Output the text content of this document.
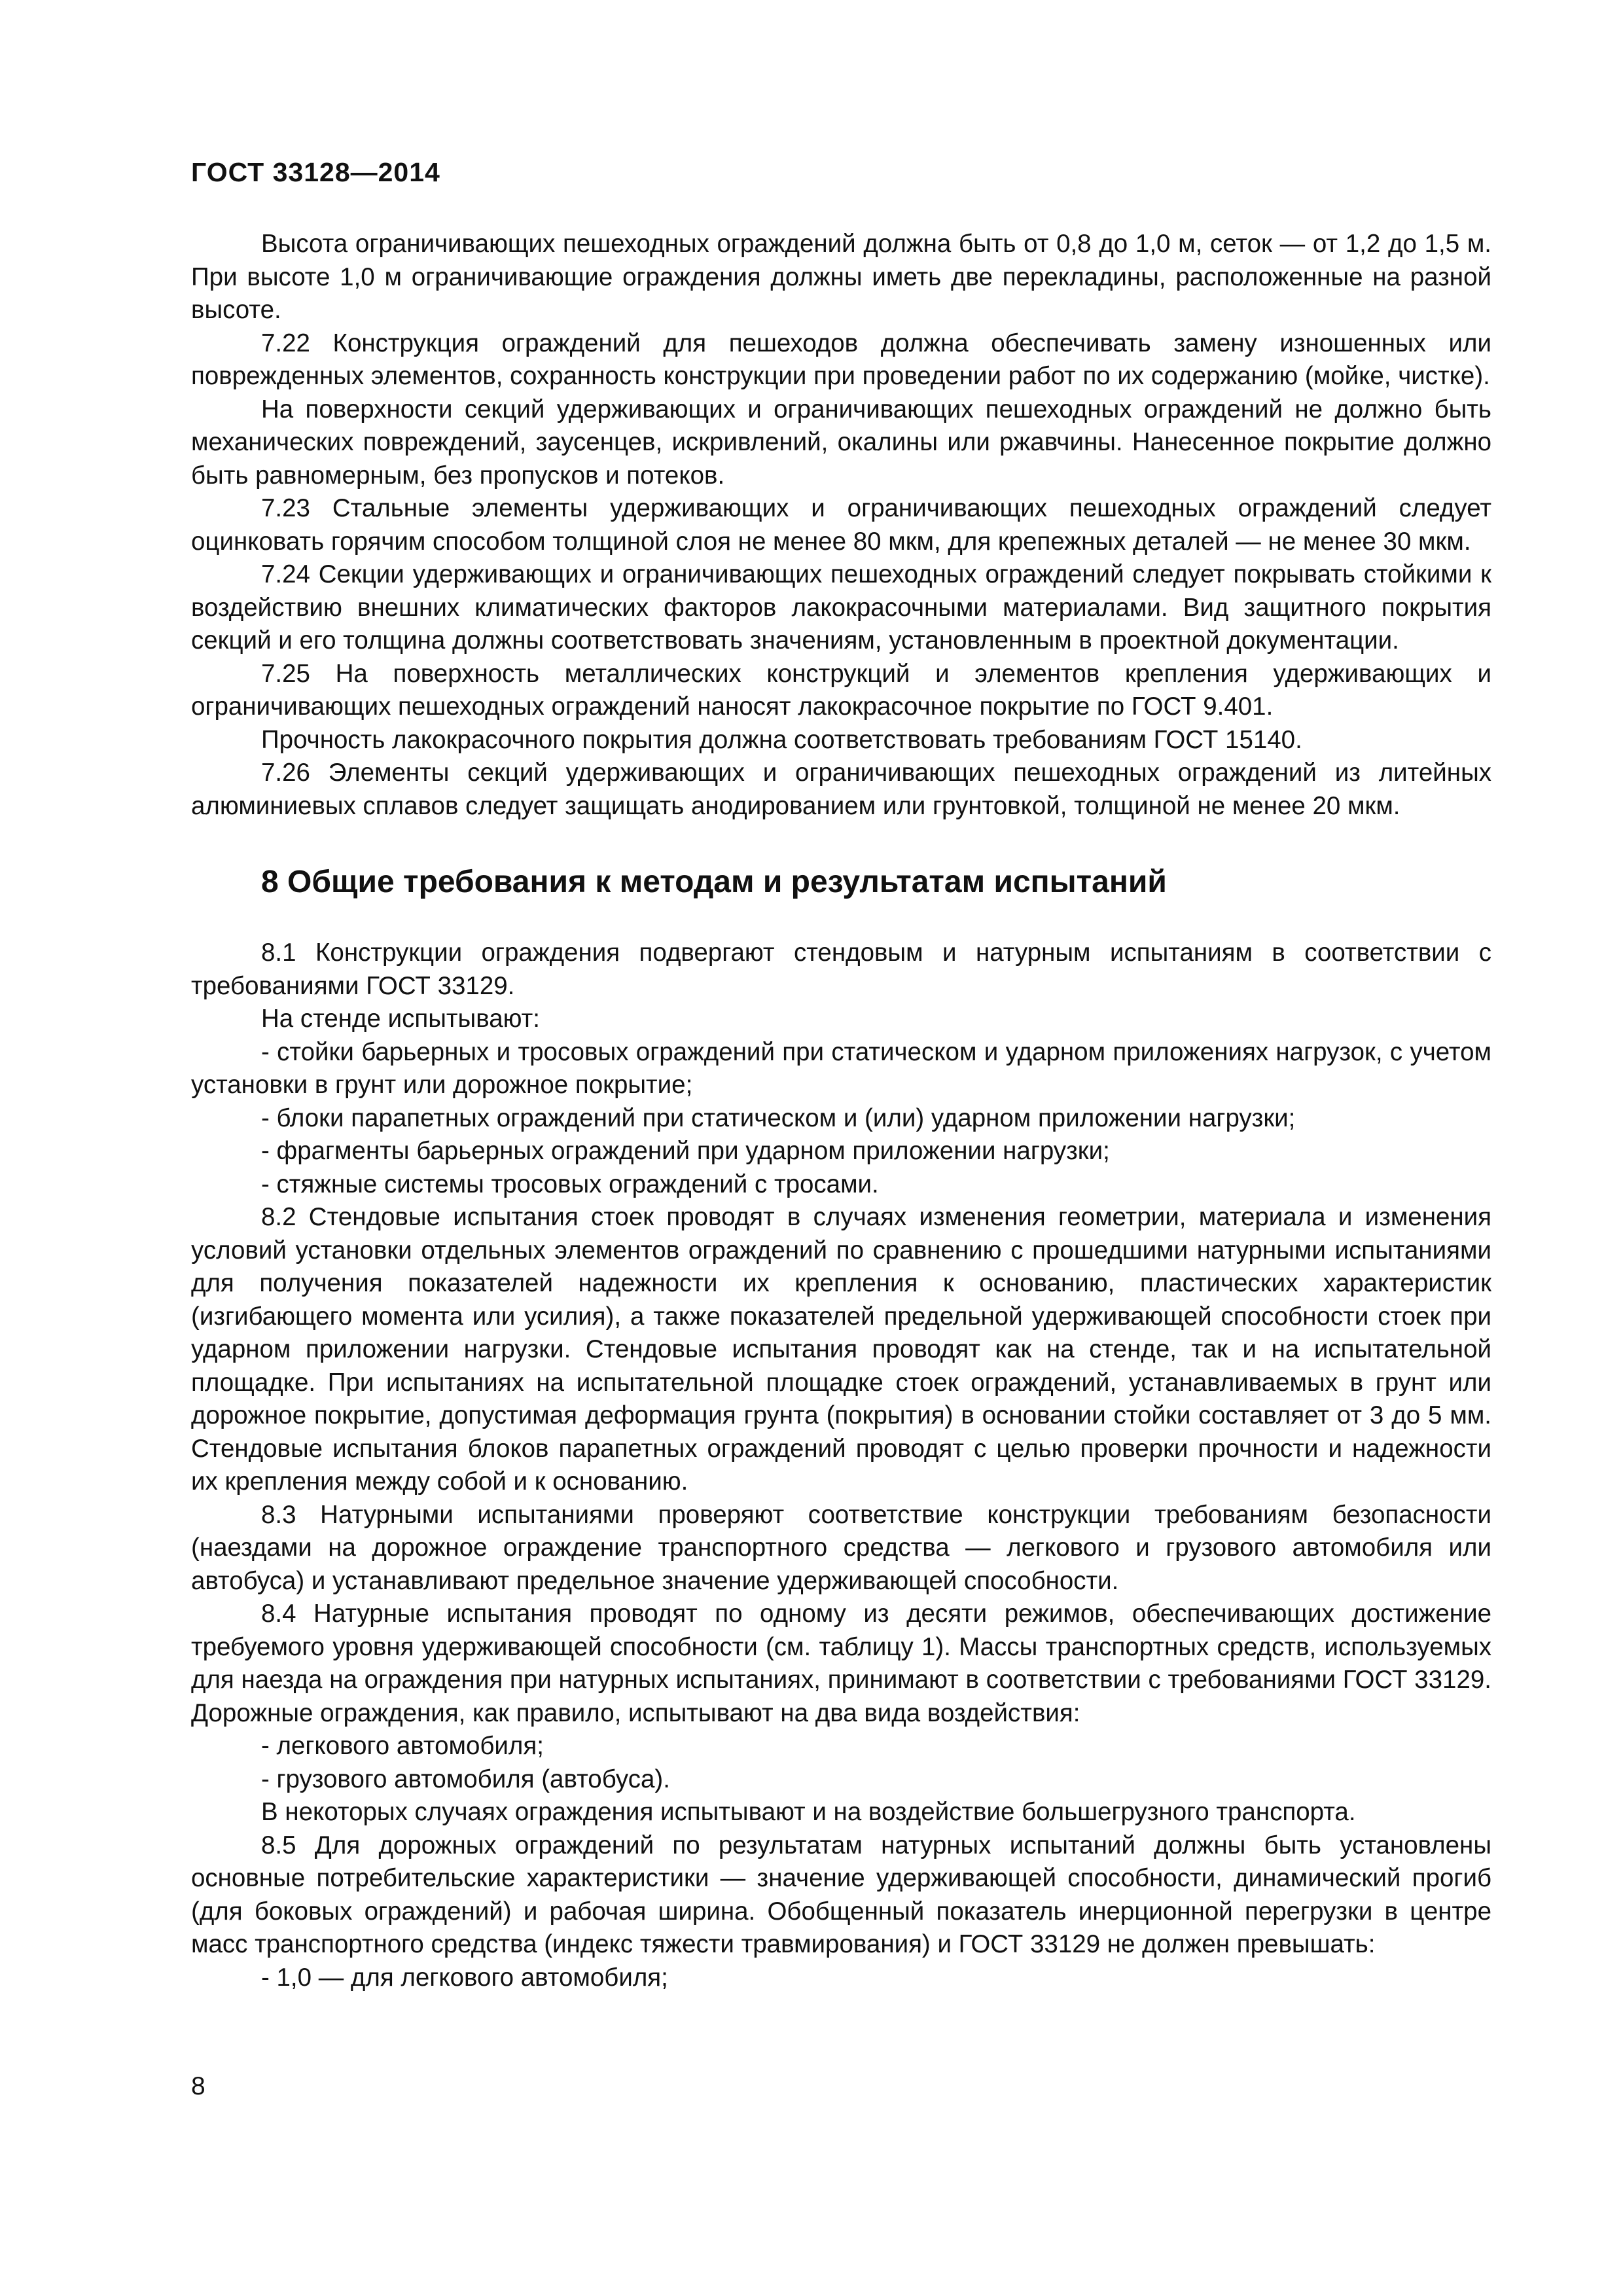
ГОСТ 33128—2014

Высота ограничивающих пешеходных ограждений должна быть от 0,8 до 1,0 м, сеток — от 1,2 до 1,5 м. При высоте 1,0 м ограничивающие ограждения должны иметь две перекладины, расположенные на разной высоте.

7.22 Конструкция ограждений для пешеходов должна обеспечивать замену изношенных или поврежденных элементов, сохранность конструкции при проведении работ по их содержанию (мойке, чистке).

На поверхности секций удерживающих и ограничивающих пешеходных ограждений не должно быть механических повреждений, заусенцев, искривлений, окалины или ржавчины. Нанесенное покрытие должно быть равномерным, без пропусков и потеков.

7.23 Стальные элементы удерживающих и ограничивающих пешеходных ограждений следует оцинковать горячим способом толщиной слоя не менее 80 мкм, для крепежных деталей — не менее 30 мкм.

7.24 Секции удерживающих и ограничивающих пешеходных ограждений следует покрывать стойкими к воздействию внешних климатических факторов лакокрасочными материалами. Вид защитного покрытия секций и его толщина должны соответствовать значениям, установленным в проектной документации.

7.25 На поверхность металлических конструкций и элементов крепления удерживающих и ограничивающих пешеходных ограждений наносят лакокрасочное покрытие по ГОСТ 9.401.

Прочность лакокрасочного покрытия должна соответствовать требованиям ГОСТ 15140.

7.26 Элементы секций удерживающих и ограничивающих пешеходных ограждений из литейных алюминиевых сплавов следует защищать анодированием или грунтовкой, толщиной не менее 20 мкм.

8 Общие требования к методам и результатам испытаний

8.1 Конструкции ограждения подвергают стендовым и натурным испытаниям в соответствии с требованиями ГОСТ 33129.

На стенде испытывают:

- стойки барьерных и тросовых ограждений при статическом и ударном приложениях нагрузок, с учетом установки в грунт или дорожное покрытие;

- блоки парапетных ограждений при статическом и (или) ударном приложении нагрузки;

- фрагменты барьерных ограждений при ударном приложении нагрузки;

- стяжные системы тросовых ограждений с тросами.

8.2 Стендовые испытания стоек проводят в случаях изменения геометрии, материала и изменения условий установки отдельных элементов ограждений по сравнению с прошедшими натурными испытаниями для получения показателей надежности их крепления к основанию, пластических характеристик (изгибающего момента или усилия), а также показателей предельной удерживающей способности стоек при ударном приложении нагрузки. Стендовые испытания проводят как на стенде, так и на испытательной площадке. При испытаниях на испытательной площадке стоек ограждений, устанавливаемых в грунт или дорожное покрытие, допустимая деформация грунта (покрытия) в основании стойки составляет от 3 до 5 мм. Стендовые испытания блоков парапетных ограждений проводят с целью проверки прочности и надежности их крепления между собой и к основанию.

8.3 Натурными испытаниями проверяют соответствие конструкции требованиям безопасности (наездами на дорожное ограждение транспортного средства — легкового и грузового автомобиля или автобуса) и устанавливают предельное значение удерживающей способности.

8.4 Натурные испытания проводят по одному из десяти режимов, обеспечивающих достижение требуемого уровня удерживающей способности (см. таблицу 1). Массы транспортных средств, используемых для наезда на ограждения при натурных испытаниях, принимают в соответствии с требованиями ГОСТ 33129. Дорожные ограждения, как правило, испытывают на два вида воздействия:

- легкового автомобиля;

- грузового автомобиля (автобуса).

В некоторых случаях ограждения испытывают и на воздействие большегрузного транспорта.

8.5 Для дорожных ограждений по результатам натурных испытаний должны быть установлены основные потребительские характеристики — значение удерживающей способности, динамический прогиб (для боковых ограждений) и рабочая ширина. Обобщенный показатель инерционной перегрузки в центре масс транспортного средства (индекс тяжести травмирования) и ГОСТ 33129 не должен превышать:

- 1,0 — для легкового автомобиля;

8
